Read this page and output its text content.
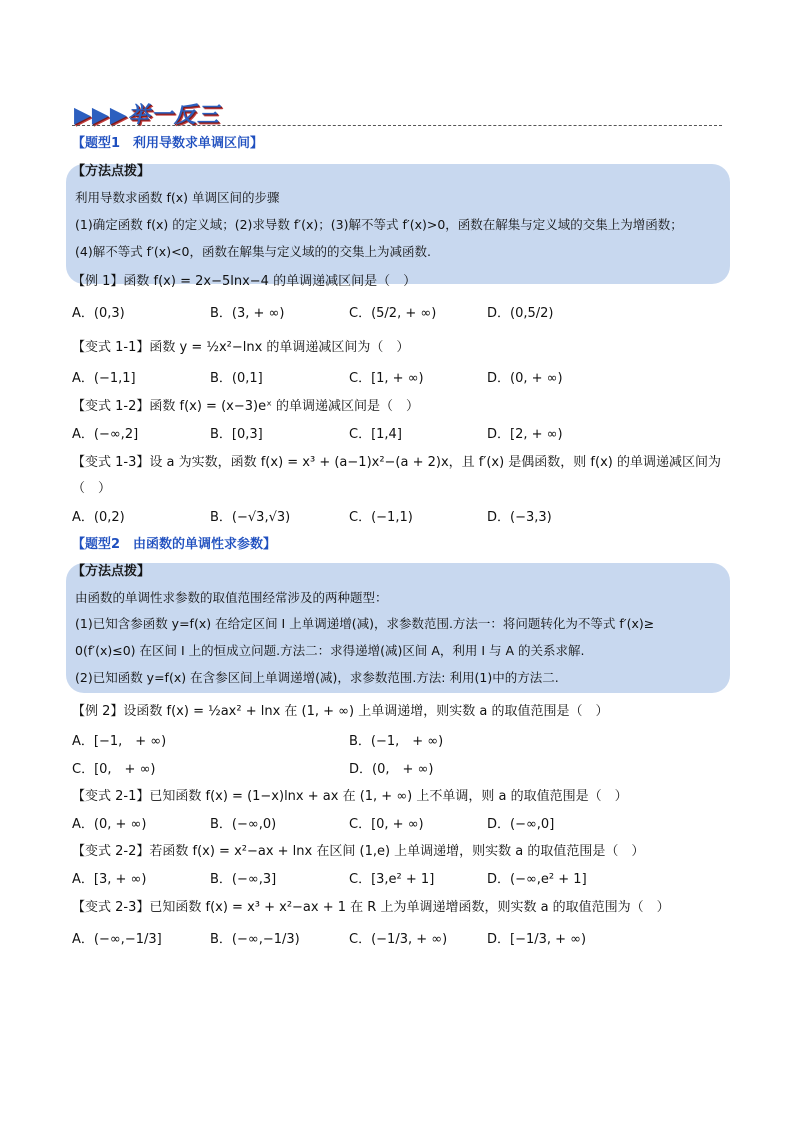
▶▶▶举一反三
【题型1　利用导数求单调区间】
【方法点拨】
利用导数求函数 f(x) 单调区间的步骤
(1)确定函数 f(x) 的定义域；(2)求导数 f′(x)；(3)解不等式 f′(x)>0，函数在解集与定义域的交集上为增函数；
(4)解不等式 f′(x)<0，函数在解集与定义域的的交集上为减函数.
【例 1】函数 f(x) = 2x−5lnx−4 的单调递减区间是（　）
A．(0,3)	B．(3, + ∞)	C．(5/2, + ∞)	D．(0,5/2)
【变式 1-1】函数 y = ½x²−lnx 的单调递减区间为（　）
A．(−1,1]	B．(0,1]	C．[1, + ∞)	D．(0, + ∞)
【变式 1-2】函数 f(x) = (x−3)eˣ 的单调递减区间是（　）
A．(−∞,2]	B．[0,3]	C．[1,4]	D．[2, + ∞)
【变式 1-3】设 a 为实数，函数 f(x) = x³ + (a−1)x²−(a + 2)x，且 f′(x) 是偶函数，则 f(x) 的单调递减区间为
（　）
A．(0,2)	B．(−√3,√3)	C．(−1,1)	D．(−3,3)
【题型2　由函数的单调性求参数】
【方法点拨】
由函数的单调性求参数的取值范围经常涉及的两种题型：
(1)已知含参函数 y=f(x) 在给定区间 I 上单调递增(减)，求参数范围.方法一：将问题转化为不等式 f′(x)≥
0(f′(x)≤0) 在区间 I 上的恒成立问题.方法二：求得递增(减)区间 A，利用 I 与 A 的关系求解.
(2)已知函数 y=f(x) 在含参区间上单调递增(减)，求参数范围.方法: 利用(1)中的方法二.
【例 2】设函数 f(x) = ½ax² + lnx 在 (1, + ∞) 上单调递增，则实数 a 的取值范围是（　）
A．[−1,　+ ∞)	B．(−1,　+ ∞)
C．[0,　+ ∞)	D．(0,　+ ∞)
【变式 2-1】已知函数 f(x) = (1−x)lnx + ax 在 (1, + ∞) 上不单调，则 a 的取值范围是（　）
A．(0, + ∞)	B．(−∞,0)	C．[0, + ∞)	D．(−∞,0]
【变式 2-2】若函数 f(x) = x²−ax + lnx 在区间 (1,e) 上单调递增，则实数 a 的取值范围是（　）
A．[3, + ∞)	B．(−∞,3]	C．[3,e² + 1]	D．(−∞,e² + 1]
【变式 2-3】已知函数 f(x) = x³ + x²−ax + 1 在 R 上为单调递增函数，则实数 a 的取值范围为（　）
A．(−∞,−1/3]	B．(−∞,−1/3)	C．(−1/3, + ∞)	D．[−1/3, + ∞)
